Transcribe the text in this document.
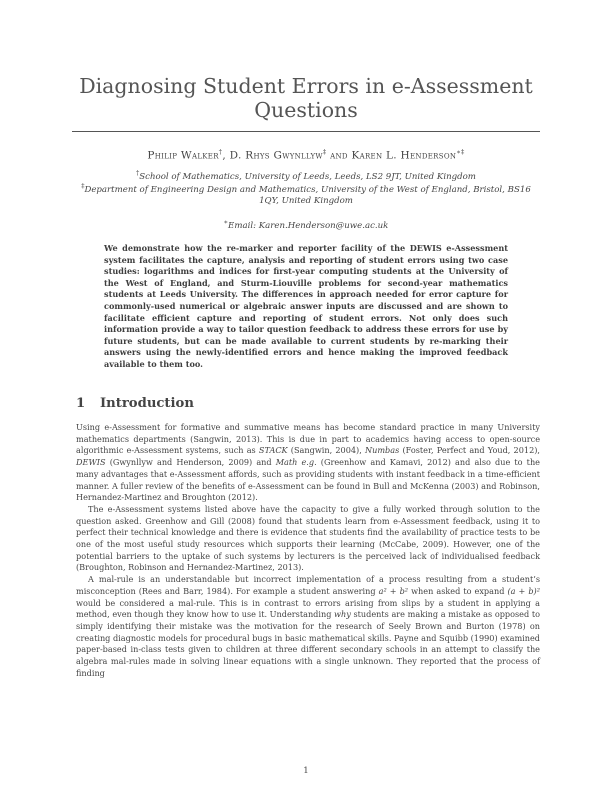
Diagnosing Student Errors in e-Assessment Questions
Philip Walker†, D. Rhys Gwynllyw‡ and Karen L. Henderson∗‡
†School of Mathematics, University of Leeds, Leeds, LS2 9JT, United Kingdom
‡Department of Engineering Design and Mathematics, University of the West of England, Bristol, BS16 1QY, United Kingdom
∗Email: Karen.Henderson@uwe.ac.uk
We demonstrate how the re-marker and reporter facility of the DEWIS e-Assessment system facilitates the capture, analysis and reporting of student errors using two case studies: logarithms and indices for first-year computing students at the University of the West of England, and Sturm-Liouville problems for second-year mathematics students at Leeds University. The differences in approach needed for error capture for commonly-used numerical or algebraic answer inputs are discussed and are shown to facilitate efficient capture and reporting of student errors. Not only does such information provide a way to tailor question feedback to address these errors for use by future students, but can be made available to current students by re-marking their answers using the newly-identified errors and hence making the improved feedback available to them too.
1 Introduction

Using e-Assessment for formative and summative means has become standard practice in many University mathematics departments (Sangwin, 2013). This is due in part to academics having access to open-source algorithmic e-Assessment systems, such as STACK (Sangwin, 2004), Numbas (Foster, Perfect and Youd, 2012), DEWIS (Gwynllyw and Henderson, 2009) and Math e.g. (Greenhow and Kamavi, 2012) and also due to the many advantages that e-Assessment affords, such as providing students with instant feedback in a time-efficient manner. A fuller review of the benefits of e-Assessment can be found in Bull and McKenna (2003) and Robinson, Hernandez-Martinez and Broughton (2012).

The e-Assessment systems listed above have the capacity to give a fully worked through solution to the question asked. Greenhow and Gill (2008) found that students learn from e-Assessment feedback, using it to perfect their technical knowledge and there is evidence that students find the availability of practice tests to be one of the most useful study resources which supports their learning (McCabe, 2009). However, one of the potential barriers to the uptake of such systems by lecturers is the perceived lack of individualised feedback (Broughton, Robinson and Hernandez-Martinez, 2013).

A mal-rule is an understandable but incorrect implementation of a process resulting from a student’s misconception (Rees and Barr, 1984). For example a student answering a² + b² when asked to expand (a + b)² would be considered a mal-rule. This is in contrast to errors arising from slips by a student in applying a method, even though they know how to use it. Understanding why students are making a mistake as opposed to simply identifying their mistake was the motivation for the research of Seely Brown and Burton (1978) on creating diagnostic models for procedural bugs in basic mathematical skills. Payne and Squibb (1990) examined paper-based in-class tests given to children at three different secondary schools in an attempt to classify the algebra mal-rules made in solving linear equations with a single unknown. They reported that the process of finding

1
